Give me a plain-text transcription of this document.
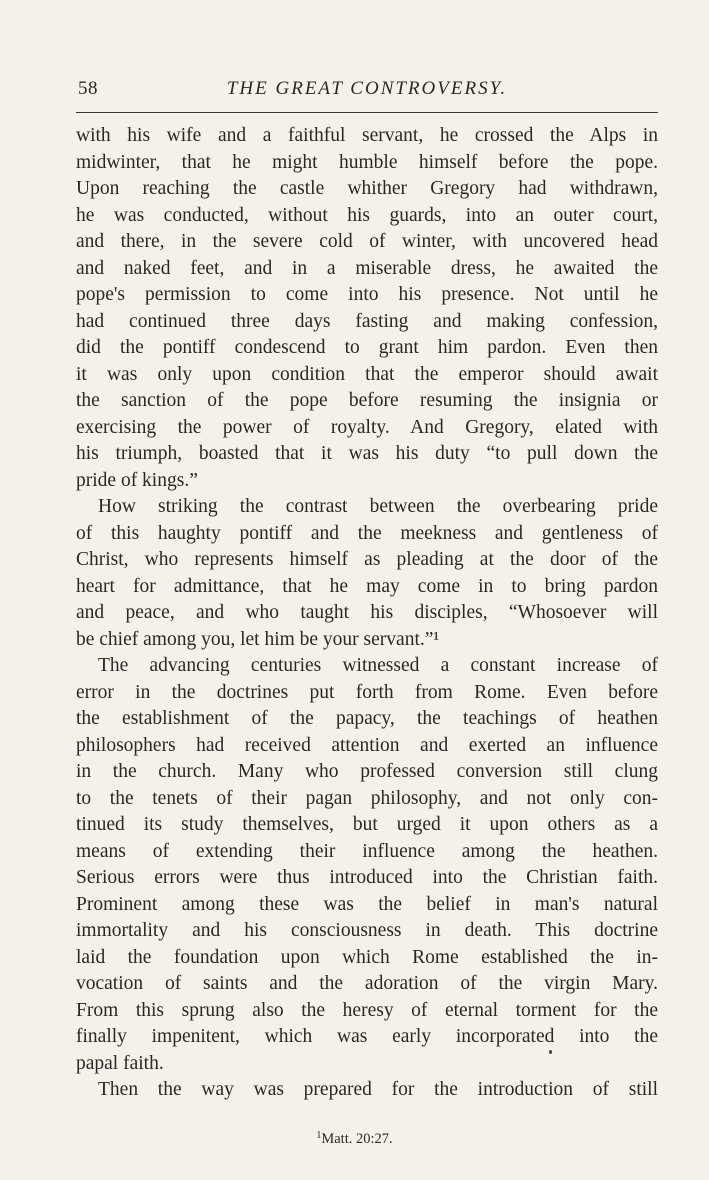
58	THE GREAT CONTROVERSY.
with his wife and a faithful servant, he crossed the Alps in
midwinter, that he might humble himself before the pope.
Upon reaching the castle whither Gregory had withdrawn,
he was conducted, without his guards, into an outer court,
and there, in the severe cold of winter, with uncovered head
and naked feet, and in a miserable dress, he awaited the
pope's permission to come into his presence. Not until he
had continued three days fasting and making confession,
did the pontiff condescend to grant him pardon. Even then
it was only upon condition that the emperor should await
the sanction of the pope before resuming the insignia or
exercising the power of royalty. And Gregory, elated with
his triumph, boasted that it was his duty “to pull down the
pride of kings.”
How striking the contrast between the overbearing pride
of this haughty pontiff and the meekness and gentleness of
Christ, who represents himself as pleading at the door of the
heart for admittance, that he may come in to bring pardon
and peace, and who taught his disciples, “Whosoever will
be chief among you, let him be your servant.”¹
The advancing centuries witnessed a constant increase of
error in the doctrines put forth from Rome. Even before
the establishment of the papacy, the teachings of heathen
philosophers had received attention and exerted an influence
in the church. Many who professed conversion still clung
to the tenets of their pagan philosophy, and not only con-
tinued its study themselves, but urged it upon others as a
means of extending their influence among the heathen.
Serious errors were thus introduced into the Christian faith.
Prominent among these was the belief in man's natural
immortality and his consciousness in death. This doctrine
laid the foundation upon which Rome established the in-
vocation of saints and the adoration of the virgin Mary.
From this sprung also the heresy of eternal torment for the
finally impenitent, which was early incorporated into the
papal faith.
Then the way was prepared for the introduction of still
$^1$Matt. 20:27.
